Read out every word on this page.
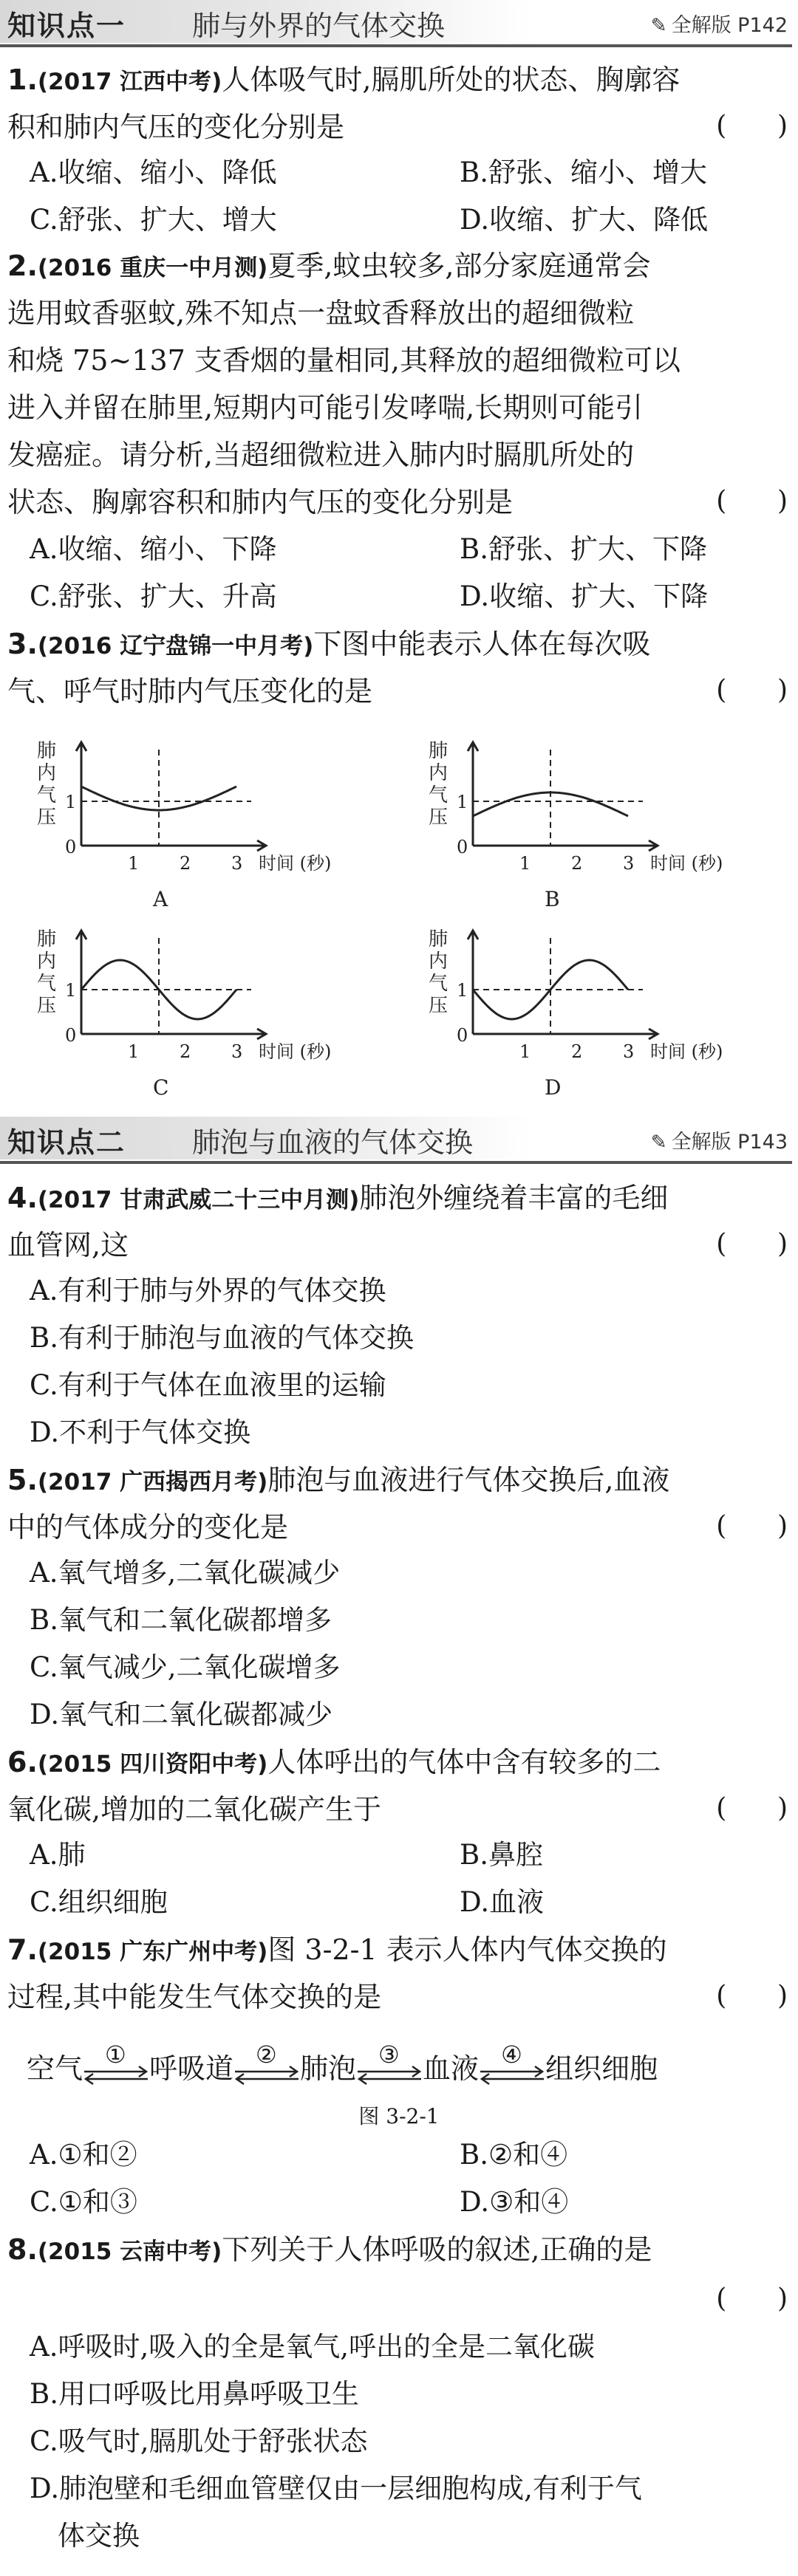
知识点一 肺与外界的气体交换	✎ 全解版 P142
1.(2017 江西中考)人体吸气时,膈肌所处的状态、胸廓容
积和肺内气压的变化分别是	(      )
A.收缩、缩小、降低	B.舒张、缩小、增大
C.舒张、扩大、增大	D.收缩、扩大、降低
2.(2016 重庆一中月测)夏季,蚊虫较多,部分家庭通常会
选用蚊香驱蚊,殊不知点一盘蚊香释放出的超细微粒
和烧 75~137 支香烟的量相同,其释放的超细微粒可以
进入并留在肺里,短期内可能引发哮喘,长期则可能引
发癌症。请分析,当超细微粒进入肺内时膈肌所处的
状态、胸廓容积和肺内气压的变化分别是	(      )
A.收缩、缩小、下降	B.舒张、扩大、下降
C.舒张、扩大、升高	D.收缩、扩大、下降
3.(2016 辽宁盘锦一中月考)下图中能表示人体在每次吸
气、呼气时肺内气压变化的是	(      )
肺
内
气
压
1
0
1 2 3 时间 (秒)
A
肺
内
气
压
1
0
1 2 3 时间 (秒)
B
肺
内
气
压
1
0
1 2 3 时间 (秒)
C
肺
内
气
压
1
0
1 2 3 时间 (秒)
D
知识点二 肺泡与血液的气体交换	✎ 全解版 P143
4.(2017 甘肃武威二十三中月测)肺泡外缠绕着丰富的毛细
血管网,这	(      )
A.有利于肺与外界的气体交换
B.有利于肺泡与血液的气体交换
C.有利于气体在血液里的运输
D.不利于气体交换
5.(2017 广西揭西月考)肺泡与血液进行气体交换后,血液
中的气体成分的变化是	(      )
A.氧气增多,二氧化碳减少
B.氧气和二氧化碳都增多
C.氧气减少,二氧化碳增多
D.氧气和二氧化碳都减少
6.(2015 四川资阳中考)人体呼出的气体中含有较多的二
氧化碳,增加的二氧化碳产生于	(      )
A.肺	B.鼻腔
C.组织细胞	D.血液
7.(2015 广东广州中考)图 3-2-1 表示人体内气体交换的
过程,其中能发生气体交换的是	(      )
空气 ① 呼吸道 ② 肺泡 ③ 血液 ④ 组织细胞
图 3-2-1
A.①和②	B.②和④
C.①和③	D.③和④
8.(2015 云南中考)下列关于人体呼吸的叙述,正确的是
(      )
A.呼吸时,吸入的全是氧气,呼出的全是二氧化碳
B.用口呼吸比用鼻呼吸卫生
C.吸气时,膈肌处于舒张状态
D.肺泡壁和毛细血管壁仅由一层细胞构成,有利于气
体交换
